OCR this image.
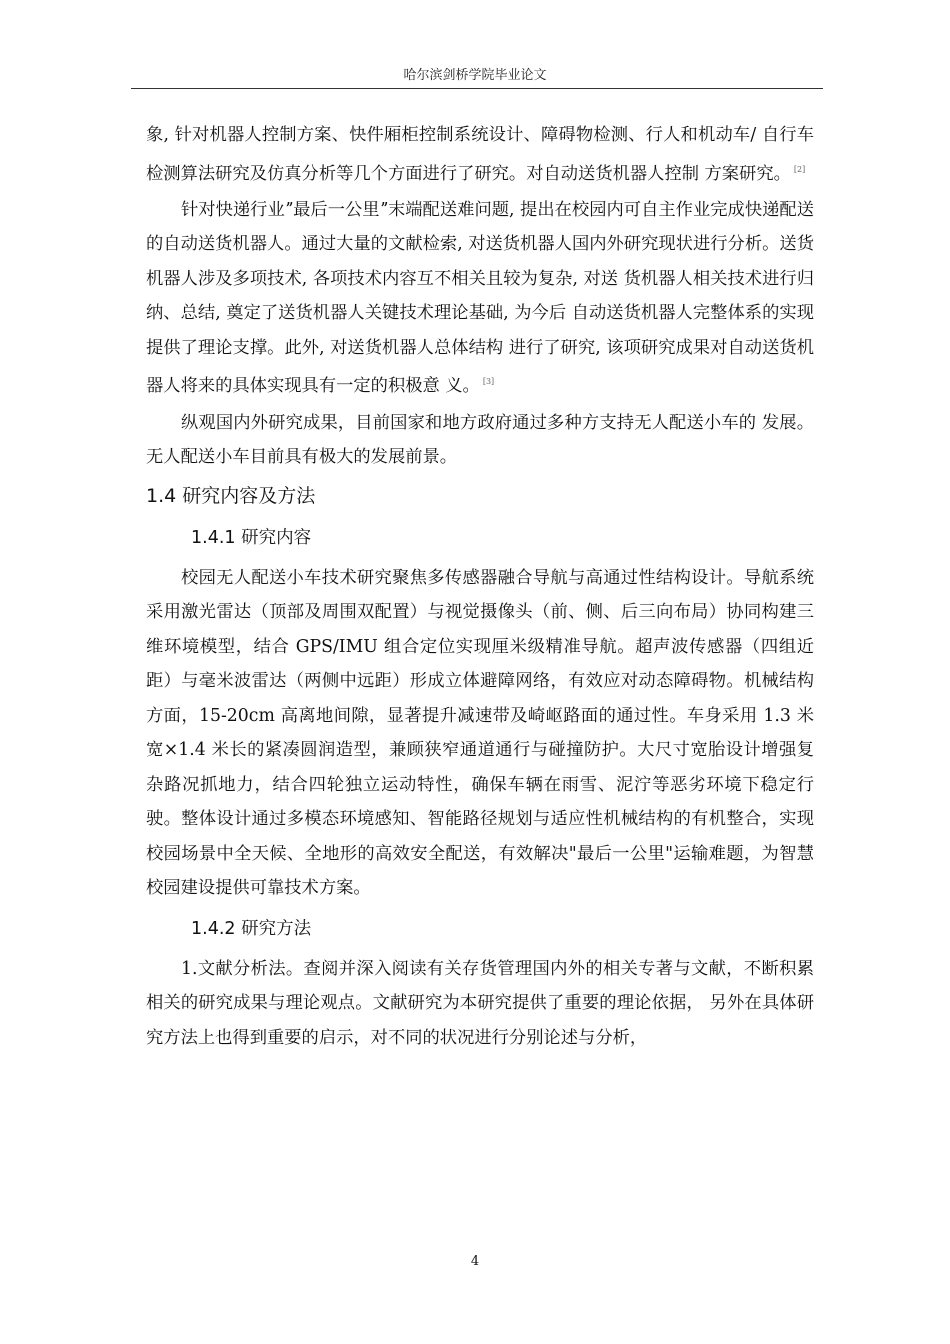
哈尔滨剑桥学院毕业论文

象, 针对机器人控制方案、快件厢柜控制系统设计、障碍物检测、行人和机动车/ 自行车检测算法研究及仿真分析等几个方面进行了研究。对自动送货机器人控制 方案研究。 [2]

针对快递行业ˮ最后一公里ˮ末端配送难问题, 提出在校园内可自主作业完成快递配送的自动送货机器人。通过大量的文献检索, 对送货机器人国内外研究现状进行分析。送货机器人涉及多项技术, 各项技术内容互不相关且较为复杂, 对送 货机器人相关技术进行归纳、总结, 奠定了送货机器人关键技术理论基础, 为今后 自动送货机器人完整体系的实现提供了理论支撑。此外, 对送货机器人总体结构 进行了研究, 该项研究成果对自动送货机器人将来的具体实现具有一定的积极意 义。 [3]

纵观国内外研究成果，目前国家和地方政府通过多种方支持无人配送小车的 发展。无人配送小车目前具有极大的发展前景。

1.4 研究内容及方法
1.4.1 研究内容

校园无人配送小车技术研究聚焦多传感器融合导航与高通过性结构设计。导航系统采用激光雷达（顶部及周围双配置）与视觉摄像头（前、侧、后三向布局）协同构建三维环境模型，结合 GPS/IMU 组合定位实现厘米级精准导航。超声波传感器（四组近距）与毫米波雷达（两侧中远距）形成立体避障网络，有效应对动态障碍物。机械结构方面，15-20cm 高离地间隙，显著提升减速带及崎岖路面的通过性。车身采用 1.3 米宽×1.4 米长的紧凑圆润造型，兼顾狭窄通道通行与碰撞防护。大尺寸宽胎设计增强复杂路况抓地力，结合四轮独立运动特性，确保车辆在雨雪、泥泞等恶劣环境下稳定行驶。整体设计通过多模态环境感知、智能路径规划与适应性机械结构的有机整合，实现校园场景中全天候、全地形的高效安全配送，有效解决"最后一公里"运输难题，为智慧校园建设提供可靠技术方案。

1.4.2 研究方法

1.文献分析法。查阅并深入阅读有关存货管理国内外的相关专著与文献，不断积累相关的研究成果与理论观点。文献研究为本研究提供了重要的理论依据， 另外在具体研究方法上也得到重要的启示，对不同的状况进行分别论述与分析，

4
